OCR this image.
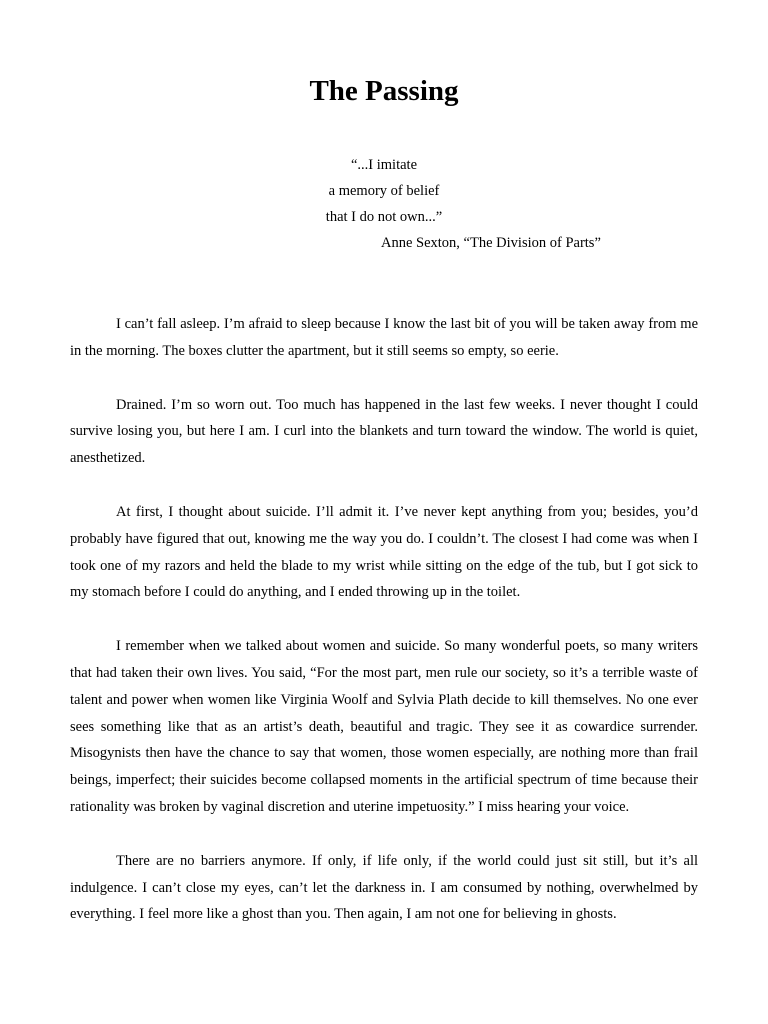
The Passing
“...I imitate
a memory of belief
that I do not own...”
Anne Sexton, “The Division of Parts”

I can’t fall asleep. I’m afraid to sleep because I know the last bit of you will be taken away from me in the morning. The boxes clutter the apartment, but it still seems so empty, so eerie.

Drained. I’m so worn out. Too much has happened in the last few weeks. I never thought I could survive losing you, but here I am. I curl into the blankets and turn toward the window. The world is quiet, anesthetized.

At first, I thought about suicide. I’ll admit it. I’ve never kept anything from you; besides, you’d probably have figured that out, knowing me the way you do. I couldn’t. The closest I had come was when I took one of my razors and held the blade to my wrist while sitting on the edge of the tub, but I got sick to my stomach before I could do anything, and I ended throwing up in the toilet.

I remember when we talked about women and suicide. So many wonderful poets, so many writers that had taken their own lives. You said, “For the most part, men rule our society, so it’s a terrible waste of talent and power when women like Virginia Woolf and Sylvia Plath decide to kill themselves. No one ever sees something like that as an artist’s death, beautiful and tragic. They see it as cowardice surrender. Misogynists then have the chance to say that women, those women especially, are nothing more than frail beings, imperfect; their suicides become collapsed moments in the artificial spectrum of time because their rationality was broken by vaginal discretion and uterine impetuosity.” I miss hearing your voice.

There are no barriers anymore. If only, if life only, if the world could just sit still, but it’s all indulgence. I can’t close my eyes, can’t let the darkness in. I am consumed by nothing, overwhelmed by everything. I feel more like a ghost than you. Then again, I am not one for believing in ghosts.
